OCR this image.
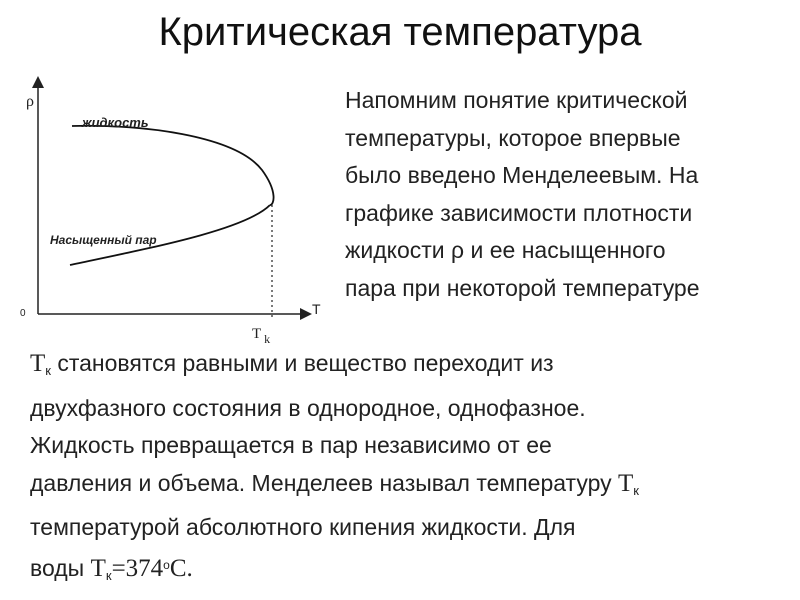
Критическая температура
ρ
T
0
жидкость
Насыщенный пар
T $_k$
Напомним понятие критической
температуры, которое впервые
было введено Менделеевым. На
графике зависимости плотности
жидкости ρ и ее насыщенного
пара при некоторой температуре
$T_к$ становятся равными и вещество переходит из
двухфазного состояния в однородное, однофазное.
Жидкость превращается в пар независимо от ее
давления и объема. Менделеев называл температуру $T_к$
температурой абсолютного кипения жидкости. Для
воды $T_к=374^oС$.
